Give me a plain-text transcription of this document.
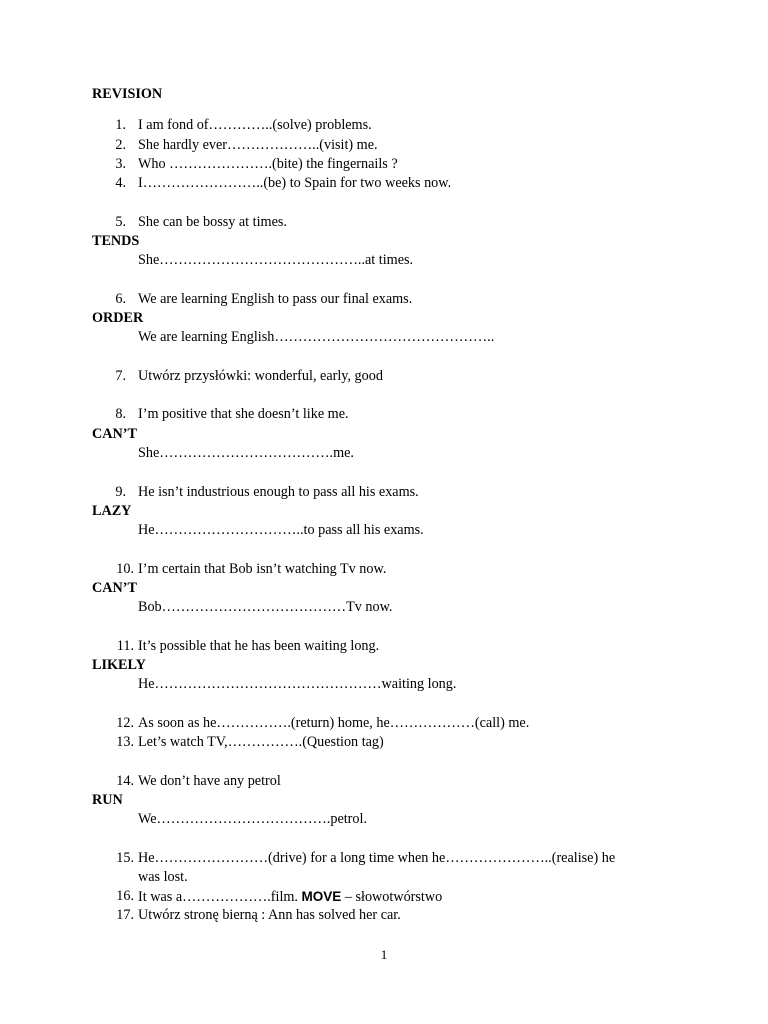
REVISION
1. I am fond of…………..(solve) problems.
2. She hardly ever………………..(visit) me.
3. Who ………………….(bite) the fingernails ?
4. I……………………..(be) to Spain for two weeks now.
5. She can be bossy at times.
TENDS
She……………………………………..at times.
6. We are learning English to pass our final exams.
ORDER
We are learning English………………………………………..
7. Utwórz przysłówki: wonderful, early, good
8. I’m positive that she doesn’t like me.
CAN’T
She……………………………….me.
9. He isn’t industrious enough to pass all his exams.
LAZY
He…………………………..to pass all his exams.
10. I’m certain that Bob isn’t watching Tv now.
CAN’T
Bob…………………………………Tv now.
11. It’s possible that he has been waiting long.
LIKELY
He…………………………………………waiting long.
12. As soon as he…………….(return) home, he………………(call) me.
13. Let’s watch TV,…………….(Question tag)
14. We don’t have any petrol
RUN
We……………………………….petrol.
15. He……………………(drive) for a long time when he…………………..(realise) he
was lost.
16. It was a……………….film. MOVE – słowotwórstwo
17. Utwórz stronę bierną : Ann has solved her car.
1
